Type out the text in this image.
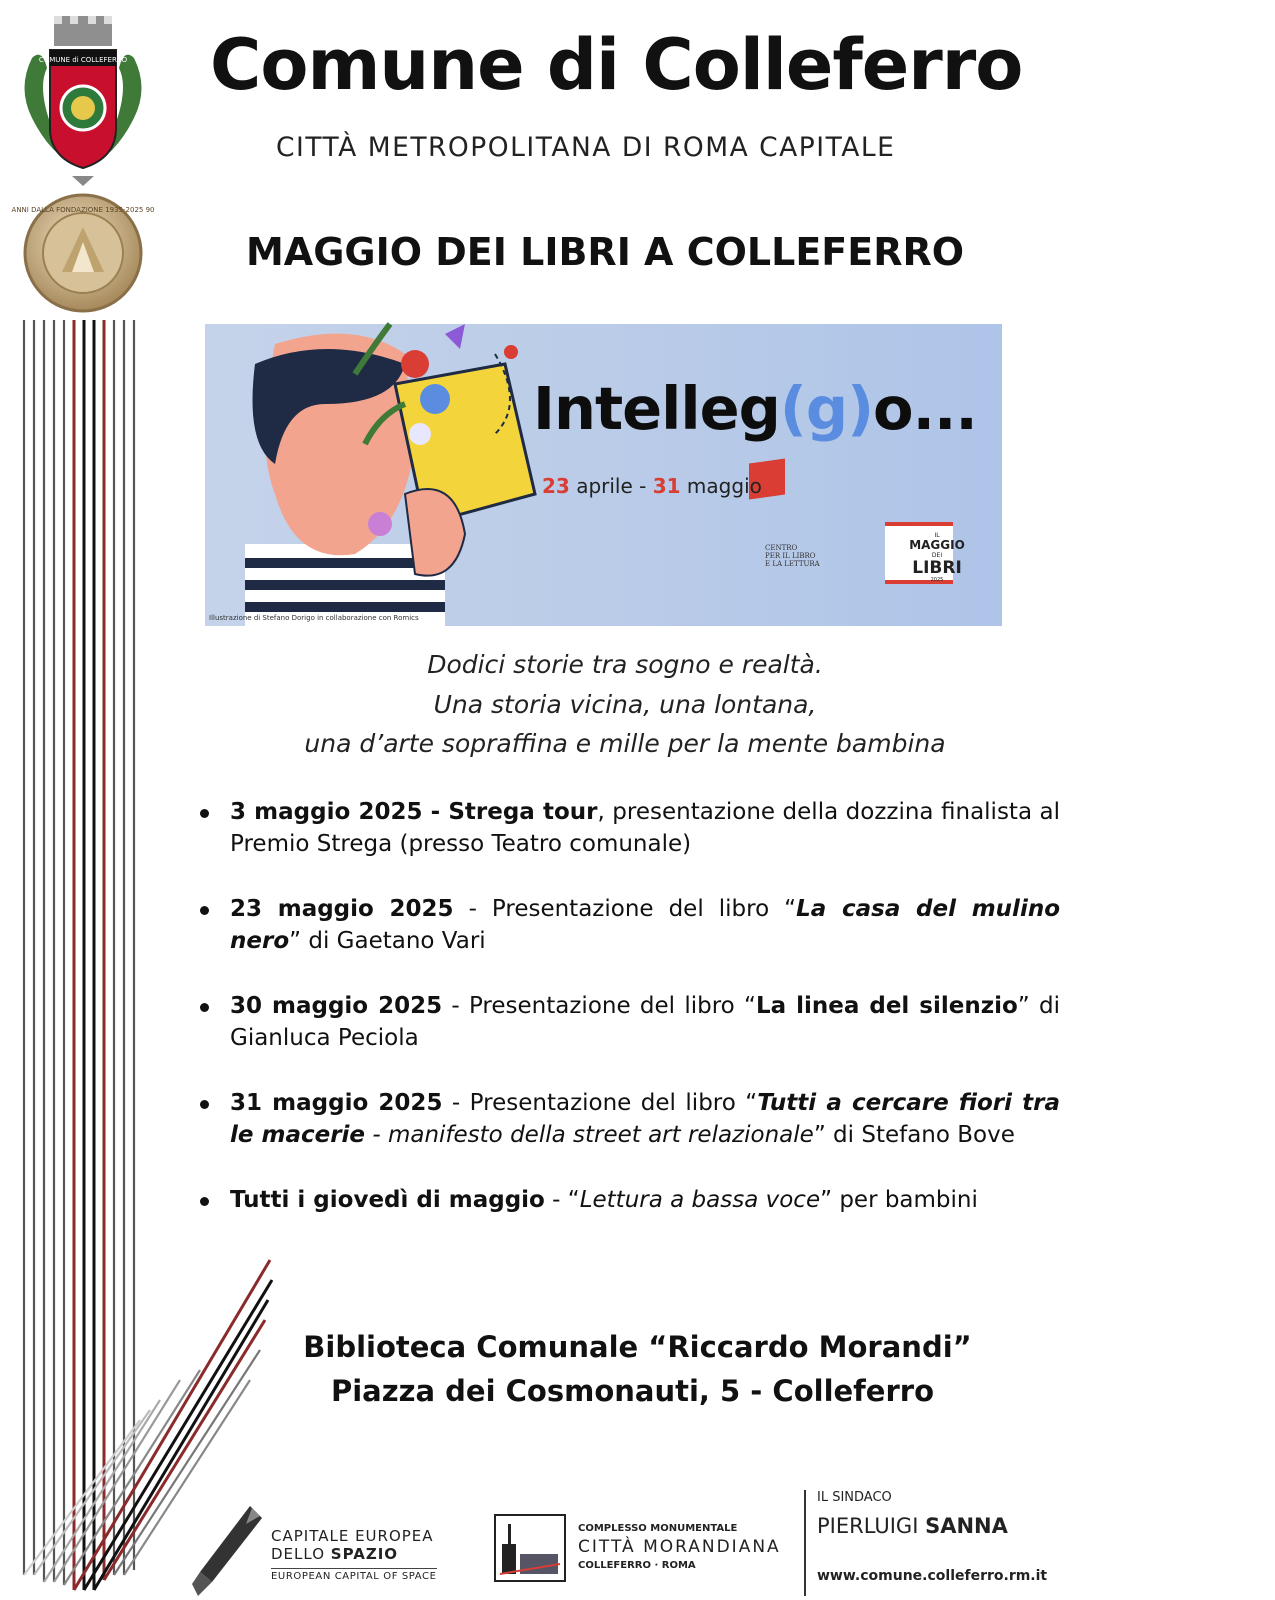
COMUNE di COLLEFERRO
ANNI DALLA FONDAZIONE 1935-2025 90
Comune di Colleferro
CITTÀ METROPOLITANA DI ROMA CAPITALE
MAGGIO DEI LIBRI A COLLEFERRO
Intelleg(g)o...
23 aprile - 31 maggio
CENTRO
PER IL LIBRO
E LA LETTURA
IL
MAGGIO
DEI
LIBRI
2025
Illustrazione di Stefano Dorigo in collaborazione con Romics
Dodici storie tra sogno e realtà.
Una storia vicina, una lontana,
una d’arte sopraffina e mille per la mente bambina
3 maggio 2025 - Strega tour, presentazione della dozzina finalista al Premio Strega (presso Teatro comunale)
23 maggio 2025 - Presentazione del libro “La casa del mulino nero” di Gaetano Vari
30 maggio 2025 - Presentazione del libro “La linea del silenzio” di Gianluca Peciola
31 maggio 2025 - Presentazione del libro “Tutti a cercare fiori tra le macerie - manifesto della street art relazionale” di Stefano Bove
Tutti i giovedì di maggio - “Lettura a bassa voce” per bambini
Biblioteca Comunale “Riccardo Morandi”
Piazza dei Cosmonauti, 5 - Colleferro
CAPITALE EUROPEA
DELLO SPAZIO
EUROPEAN CAPITAL OF SPACE
COMPLESSO MONUMENTALE
CITTÀ MORANDIANA
COLLEFERRO · ROMA
IL SINDACO
PIERLUIGI SANNA
www.comune.colleferro.rm.it
